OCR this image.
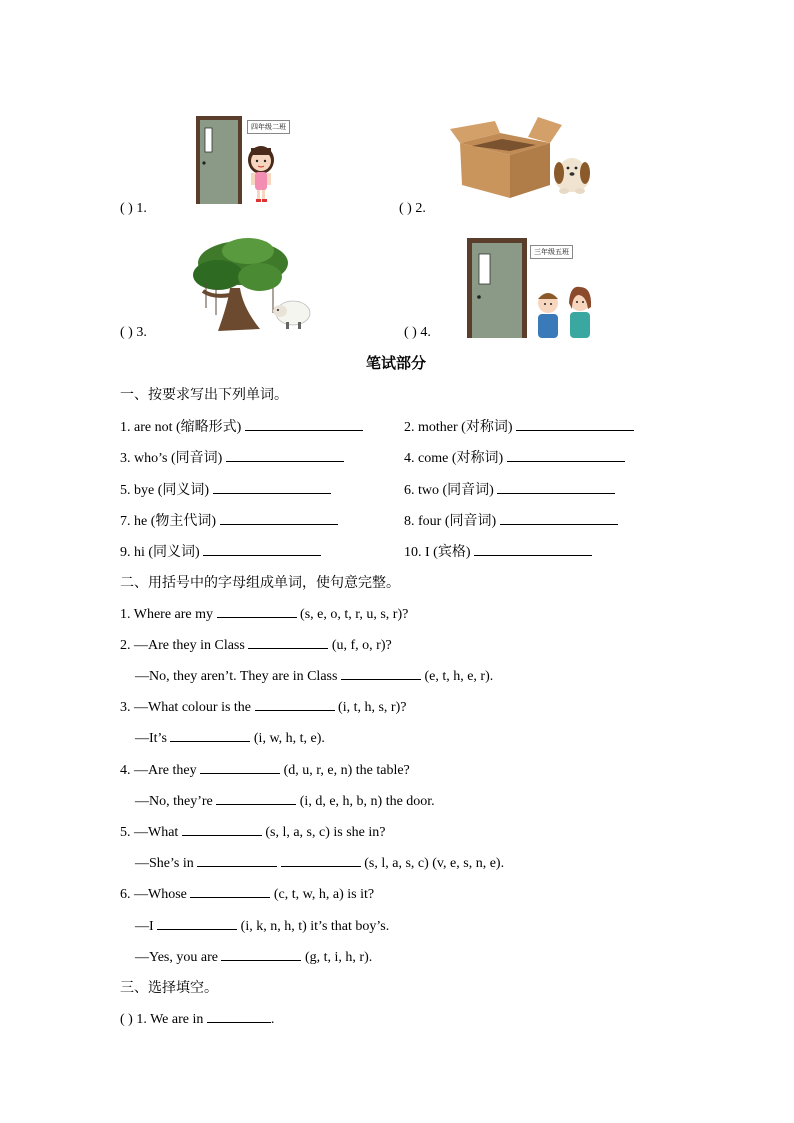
四年级二班
( ) 1.	( ) 2.
( ) 3.
三年级五班
( ) 4.
笔试部分
一、按要求写出下列单词。
1. are not (缩略形式)	2. mother (对称词)
3. who’s (同音词)	4. come (对称词)
5. bye (同义词)	6. two (同音词)
7. he (物主代词)	8. four (同音词)
9. hi (同义词)	10. I (宾格)
二、用括号中的字母组成单词，使句意完整。
1. Where are my	(s, e, o, t, r, u, s, r)?
2. —Are they in Class	(u, f, o, r)?
—No, they aren’t. They are in Class	(e, t, h, e, r).
3. —What colour is the	(i, t, h, s, r)?
—It’s	(i, w, h, t, e).
4. —Are they	(d, u, r, e, n) the table?
—No, they’re	(i, d, e, h, b, n) the door.
5. —What	(s, l, a, s, c) is she in?
—She’s in	(s, l, a, s, c) (v, e, s, n, e).
6. —Whose	(c, t, w, h, a) is it?
—I	(i, k, n, h, t) it’s that boy’s.
—Yes, you are	(g, t, i, h, r).
三、选择填空。
( ) 1. We are in	.
